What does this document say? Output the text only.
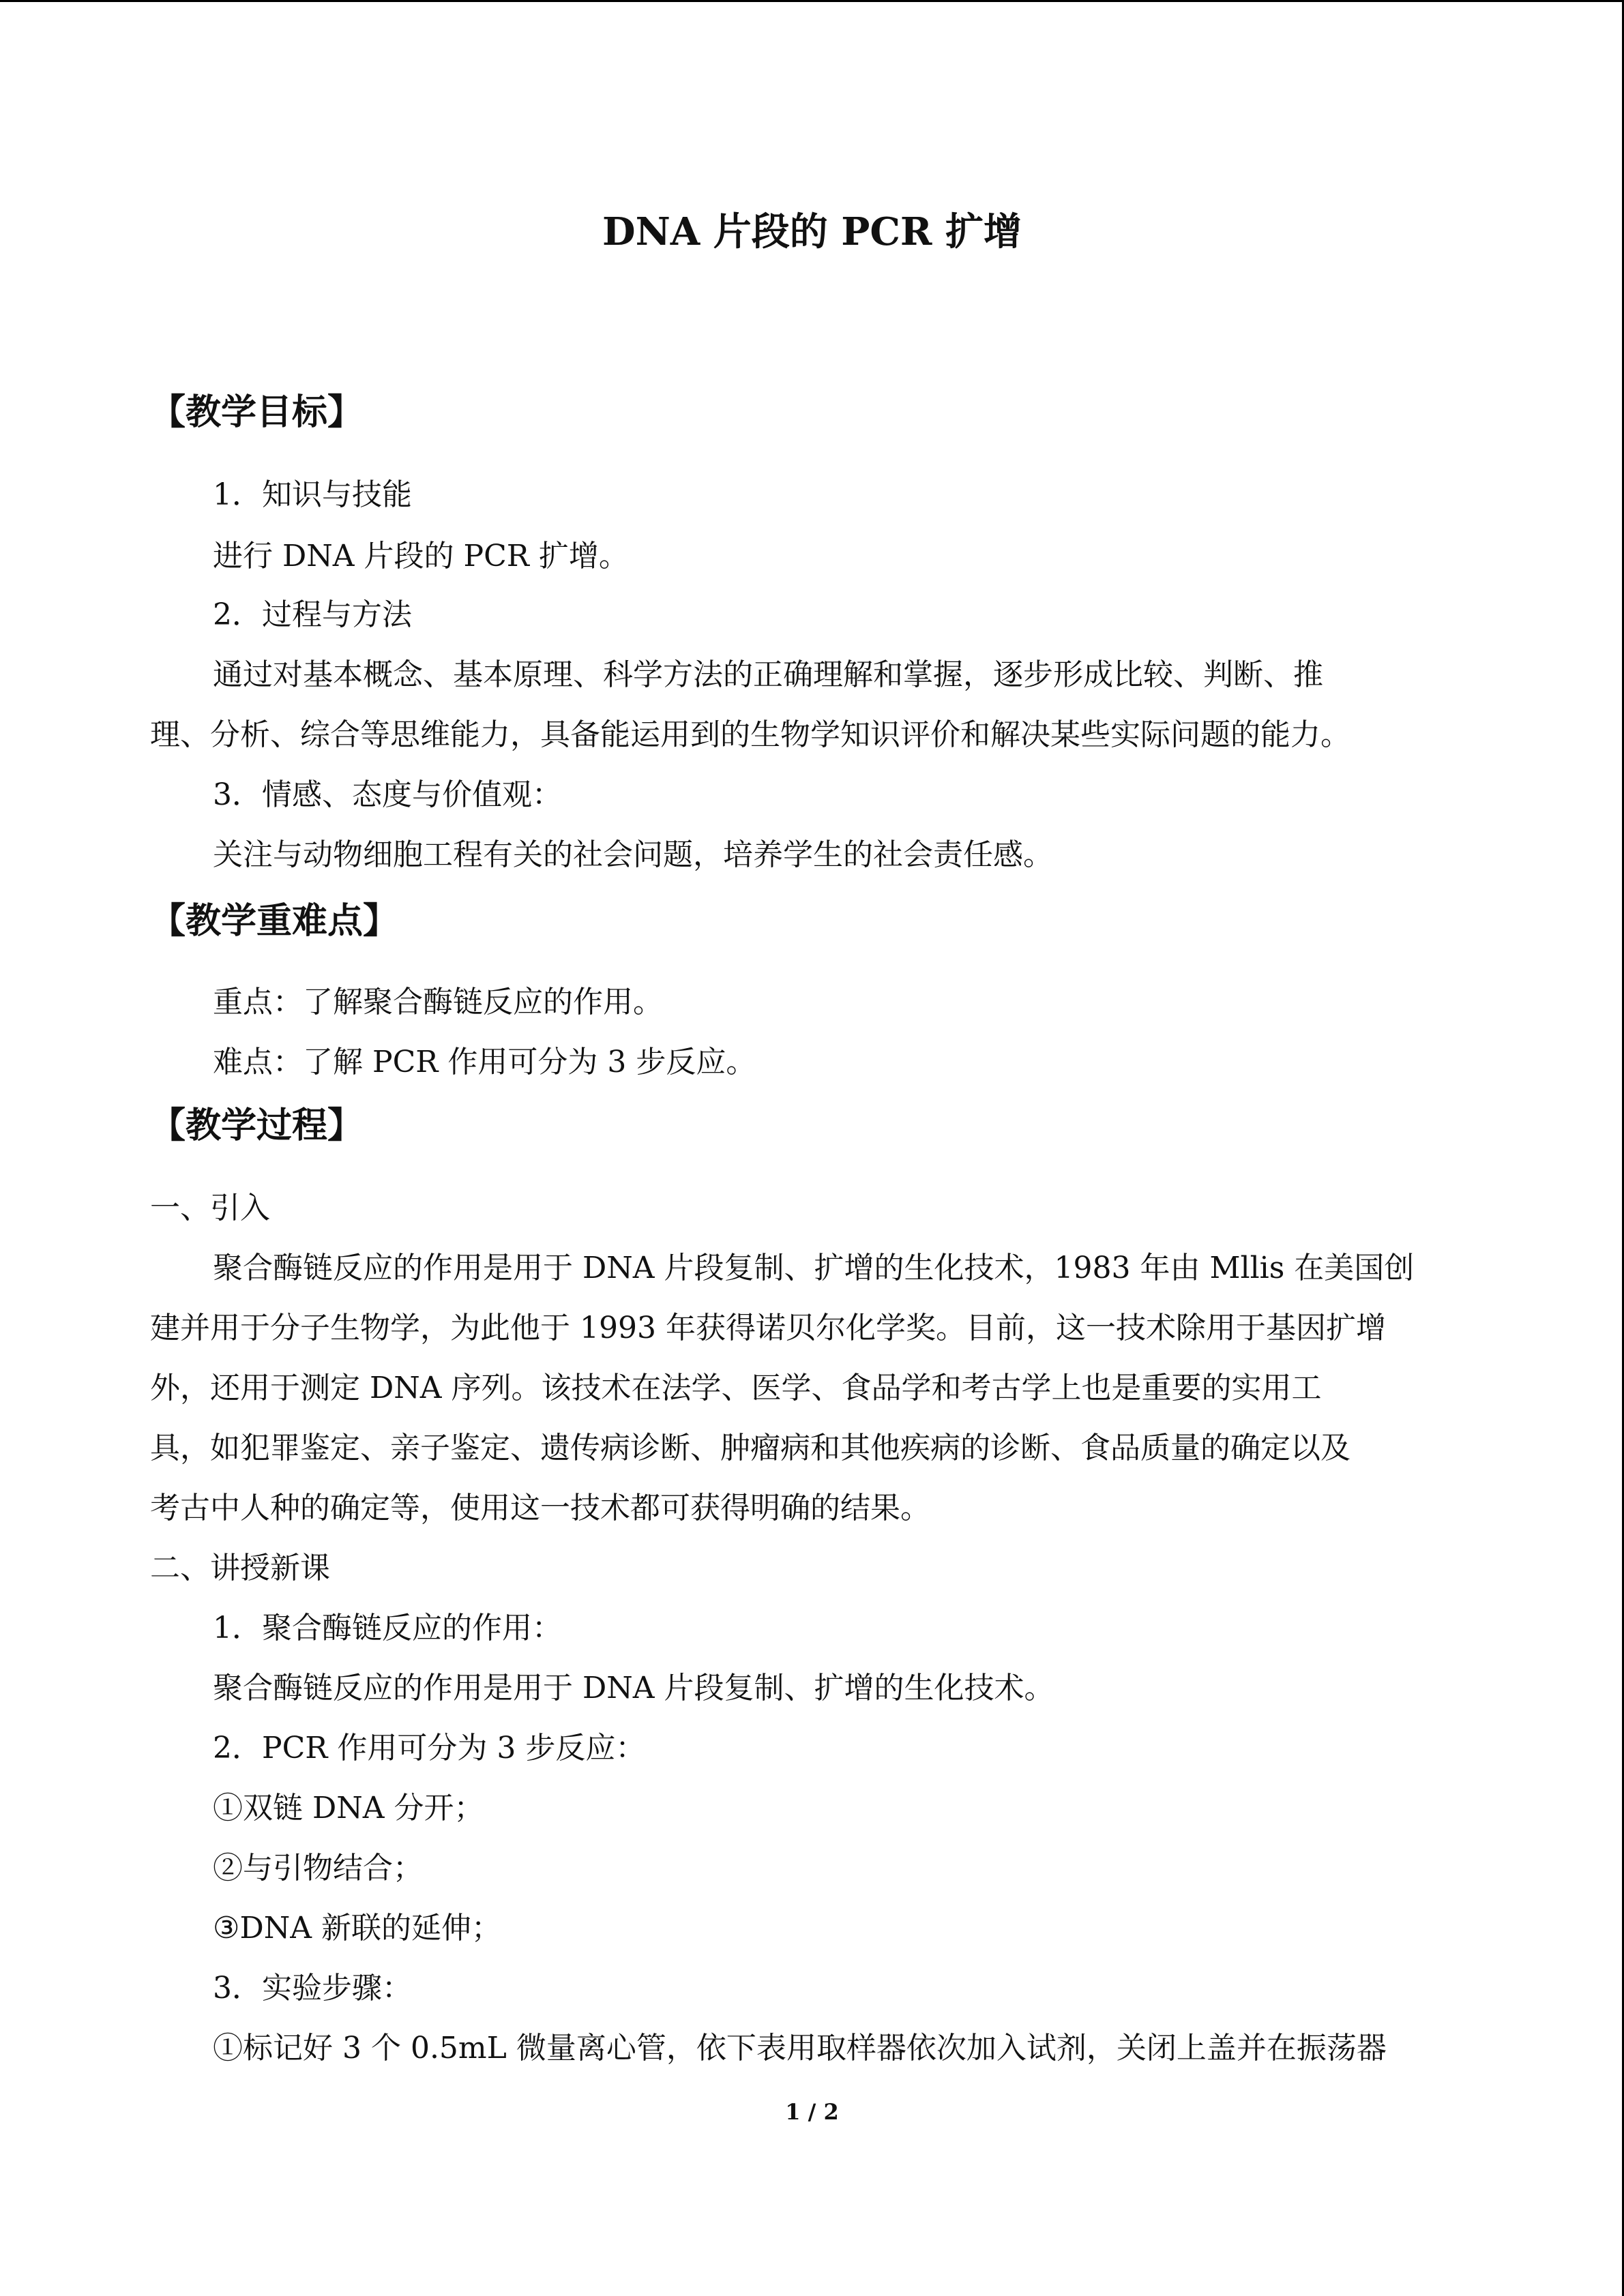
DNA 片段的 PCR 扩增
【教学目标】
1．知识与技能
进行 DNA 片段的 PCR 扩增。
2．过程与方法
通过对基本概念、基本原理、科学方法的正确理解和掌握，逐步形成比较、判断、推
理、分析、综合等思维能力，具备能运用到的生物学知识评价和解决某些实际问题的能力。
3．情感、态度与价值观：
关注与动物细胞工程有关的社会问题，培养学生的社会责任感。
【教学重难点】
重点：了解聚合酶链反应的作用。
难点：了解 PCR 作用可分为 3 步反应。
【教学过程】
一、引入
聚合酶链反应的作用是用于 DNA 片段复制、扩增的生化技术，1983 年由 Mllis 在美国创
建并用于分子生物学，为此他于 1993 年获得诺贝尔化学奖。目前，这一技术除用于基因扩增
外，还用于测定 DNA 序列。该技术在法学、医学、食品学和考古学上也是重要的实用工
具，如犯罪鉴定、亲子鉴定、遗传病诊断、肿瘤病和其他疾病的诊断、食品质量的确定以及
考古中人种的确定等，使用这一技术都可获得明确的结果。
二、讲授新课
1．聚合酶链反应的作用：
聚合酶链反应的作用是用于 DNA 片段复制、扩增的生化技术。
2．PCR 作用可分为 3 步反应：
①双链 DNA 分开；
②与引物结合；
③DNA 新联的延伸；
3．实验步骤：
①标记好 3 个 0.5mL 微量离心管，依下表用取样器依次加入试剂，关闭上盖并在振荡器
1 / 2
